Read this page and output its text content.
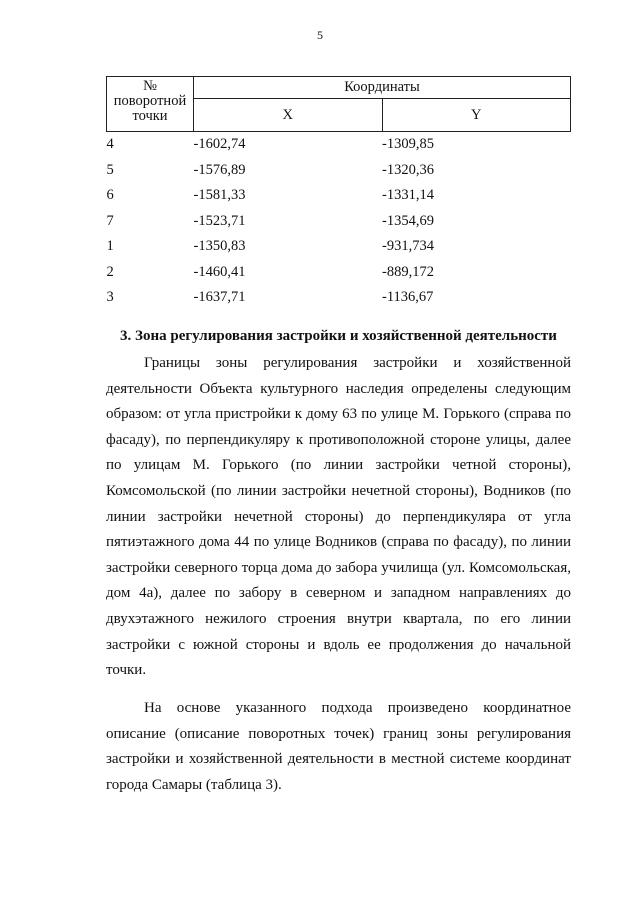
5
№ поворотной точки	Координаты	
	X	Y
4	-1602,74	-1309,85
5	-1576,89	-1320,36
6	-1581,33	-1331,14
7	-1523,71	-1354,69
1	-1350,83	-931,734
2	-1460,41	-889,172
3	-1637,71	-1136,67
3. Зона регулирования застройки и хозяйственной деятельности

Границы зоны регулирования застройки и хозяйственной деятельности Объекта культурного наследия определены следующим образом: от угла пристройки к дому 63 по улице М. Горького (справа по фасаду), по перпендикуляру к противоположной стороне улицы, далее по улицам М. Горького (по линии застройки четной стороны), Комсомольской (по линии застройки нечетной стороны), Водников (по линии застройки нечетной стороны) до перпендикуляра от угла пятиэтажного дома 44 по улице Водников (справа по фасаду), по линии застройки северного торца дома до забора училища (ул. Комсомольская, дом 4а), далее по забору в северном и западном направлениях до двухэтажного нежилого строения внутри квартала, по его линии застройки с южной стороны и вдоль ее продолжения до начальной точки.

На основе указанного подхода произведено координатное описание (описание поворотных точек) границ зоны регулирования застройки и хозяйственной деятельности в местной системе координат города Самары (таблица 3).
